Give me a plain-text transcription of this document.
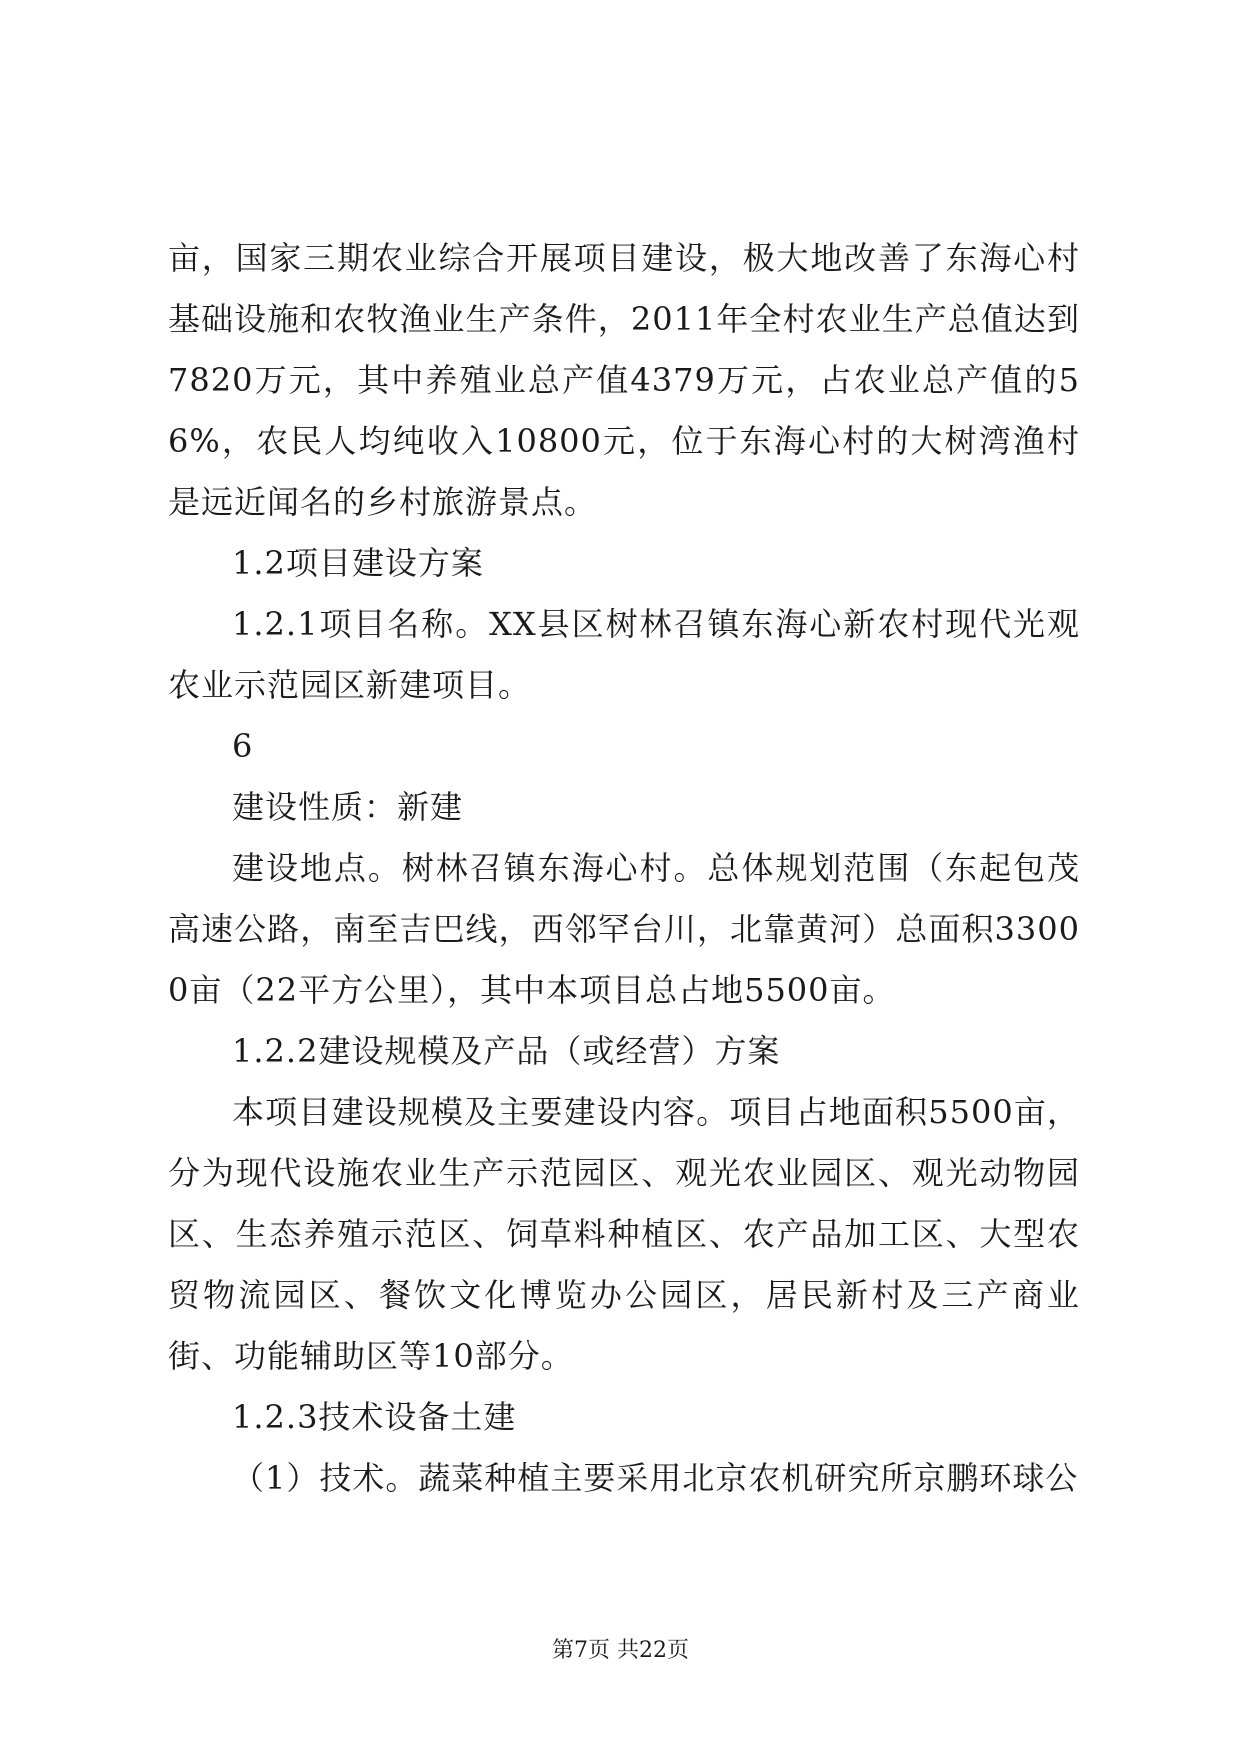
亩，国家三期农业综合开展项目建设，极大地改善了东海心村基础设施和农牧渔业生产条件，2011年全村农业生产总值达到7820万元，其中养殖业总产值4379万元，占农业总产值的56%，农民人均纯收入10800元，位于东海心村的大树湾渔村是远近闻名的乡村旅游景点。

1.2项目建设方案

1.2.1项目名称。XX县区树林召镇东海心新农村现代光观农业示范园区新建项目。

6

建设性质：新建

建设地点。树林召镇东海心村。总体规划范围（东起包茂高速公路，南至吉巴线，西邻罕台川，北靠黄河）总面积33000亩（22平方公里），其中本项目总占地5500亩。

1.2.2建设规模及产品（或经营）方案

本项目建设规模及主要建设内容。项目占地面积5500亩，分为现代设施农业生产示范园区、观光农业园区、观光动物园区、生态养殖示范区、饲草料种植区、农产品加工区、大型农贸物流园区、餐饮文化博览办公园区，居民新村及三产商业街、功能辅助区等10部分。

1.2.3技术设备土建

（1）技术。蔬菜种植主要采用北京农机研究所京鹏环球公

第7页 共22页
